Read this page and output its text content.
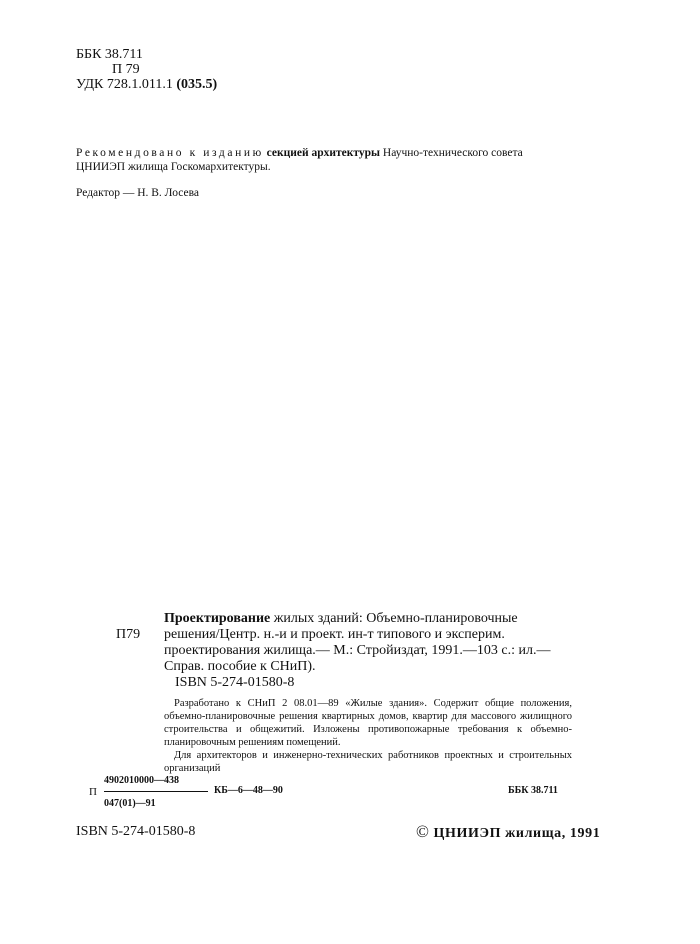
ББК 38.711
П 79
УДК 728.1.011.1 (035.5)
Рекомендовано к изданию секцией архитектуры Научно-технического совета
ЦНИИЭП жилища Госкомархитектуры.
Редактор — Н. В. Лосева
П79
Проектирование жилых зданий: Объемно-планировочные
решения/Центр. н.-и и проект. ин-т типового и эксперим.
проектирования жилища.— М.: Стройиздат, 1991.—103 с.: ил.—
Справ. пособие к СНиП).
ISBN 5-274-01580-8

Разработано к СНиП 2 08.01—89 «Жилые здания». Содержит общие положения, объемно-планировочные решения квартирных домов, квартир для массового жилищного строительства и общежитий. Изложены противопожарные требования к объемно-планировочным решениям помещений.

Для архитекторов и инженерно-технических работников проектных и строительных организаций

4902010000—438
П	КБ—6—48—90
047(01)—91
ББК 38.711
ISBN 5-274-01580-8	© ЦНИИЭП жилища, 1991
